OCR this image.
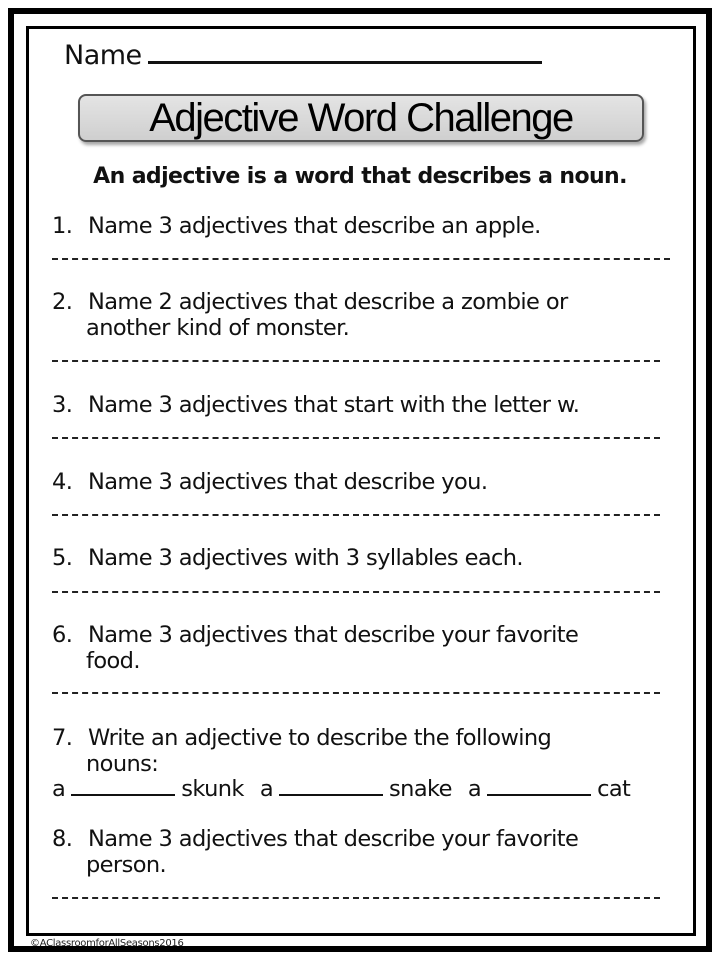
Name
Adjective Word Challenge
An adjective is a word that describes a noun.
1. Name 3 adjectives that describe an apple.
2. Name 2 adjectives that describe a zombie or
another kind of monster.
3. Name 3 adjectives that start with the letter w.
4. Name 3 adjectives that describe you.
5. Name 3 adjectives with 3 syllables each.
6. Name 3 adjectives that describe your favorite
food.
7. Write an adjective to describe the following
nouns:
a	skunk a	snake a	cat
8. Name 3 adjectives that describe your favorite
person.
©AClassroomforAllSeasons2016
